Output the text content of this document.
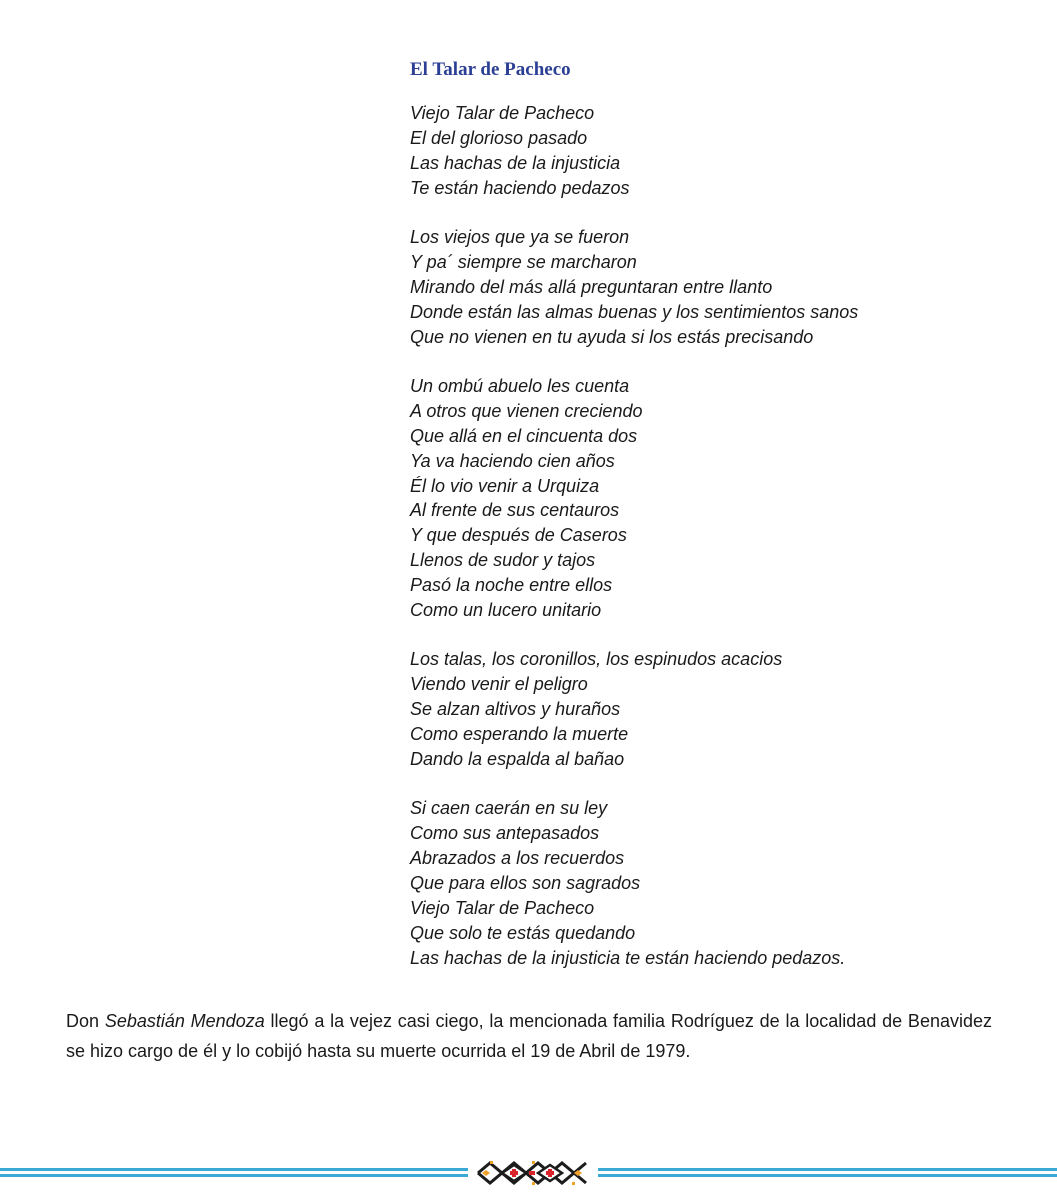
El Talar de Pacheco
Viejo Talar de Pacheco
El del glorioso pasado
Las hachas de la injusticia
Te están haciendo pedazos
Los viejos que ya se fueron
Y pa´ siempre se marcharon
Mirando del más allá preguntaran entre llanto
Donde están las almas buenas y los sentimientos sanos
Que no vienen en tu ayuda si los estás precisando
Un ombú abuelo les cuenta
A otros que vienen creciendo
Que allá en el cincuenta dos
Ya va haciendo cien años
Él lo vio venir a Urquiza
Al frente de sus centauros
Y que después de Caseros
Llenos de sudor y tajos
Pasó la noche entre ellos
Como un lucero unitario
Los talas, los coronillos, los espinudos acacios
Viendo venir el peligro
Se alzan altivos y huraños
Como esperando la muerte
Dando la espalda al bañao
Si caen caerán en su ley
Como sus antepasados
Abrazados a los recuerdos
Que para ellos son sagrados
Viejo Talar de Pacheco
Que solo te estás quedando
Las hachas de la injusticia te están haciendo pedazos.

Don Sebastián Mendoza llegó a la vejez casi ciego, la mencionada familia Rodríguez de la localidad de Benavidez se hizo cargo de él y lo cobijó hasta su muerte ocurrida el 19 de Abril de 1979.
